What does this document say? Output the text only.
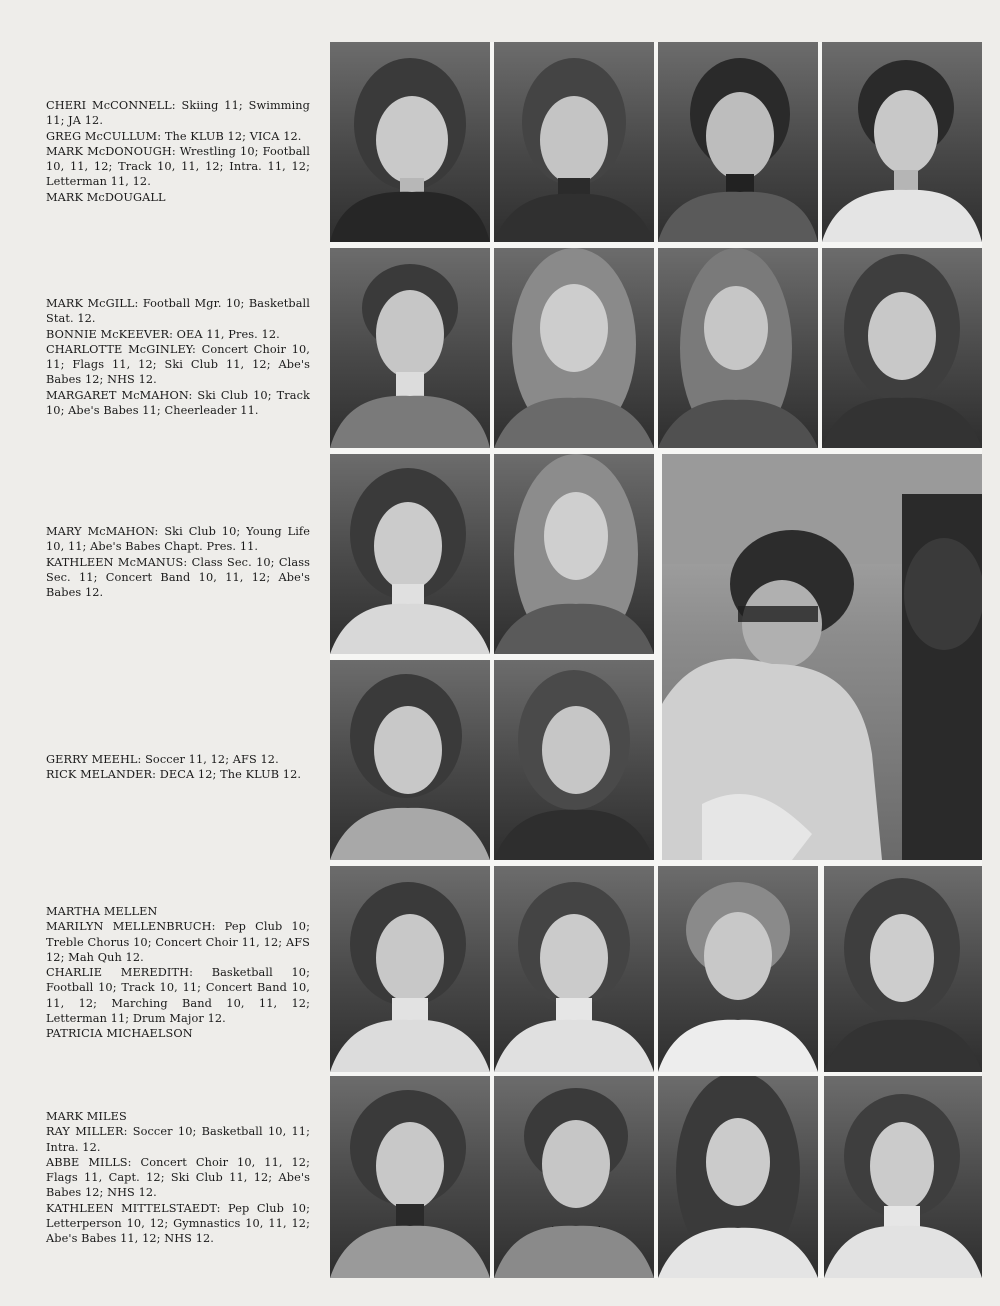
CHERI McCONNELL: Skiing 11; Swimming 11; JA 12.

GREG McCULLUM: The KLUB 12; VICA 12.

MARK McDONOUGH: Wrestling 10; Football 10, 11, 12; Track 10, 11, 12; Intra. 11, 12; Letterman 11, 12.

MARK McDOUGALL

MARK McGILL: Football Mgr. 10; Basketball Stat. 12.

BONNIE McKEEVER: OEA 11, Pres. 12.

CHARLOTTE McGINLEY: Concert Choir 10, 11; Flags 11, 12; Ski Club 11, 12; Abe's Babes 12; NHS 12.

MARGARET McMAHON: Ski Club 10; Track 10; Abe's Babes 11; Cheerleader 11.

MARY McMAHON: Ski Club 10; Young Life 10, 11; Abe's Babes Chapt. Pres. 11.

KATHLEEN McMANUS: Class Sec. 10; Class Sec. 11; Concert Band 10, 11, 12; Abe's Babes 12.

GERRY MEEHL: Soccer 11, 12; AFS 12.

RICK MELANDER: DECA 12; The KLUB 12.

MARTHA MELLEN

MARILYN MELLENBRUCH: Pep Club 10; Treble Chorus 10; Concert Choir 11, 12; AFS 12; Mah Quh 12.

CHARLIE MEREDITH: Basketball 10; Football 10; Track 10, 11; Concert Band 10, 11, 12; Marching Band 10, 11, 12; Letterman 11; Drum Major 12.

PATRICIA MICHAELSON

MARK MILES

RAY MILLER: Soccer 10; Basketball 10, 11; Intra. 12.

ABBE MILLS: Concert Choir 10, 11, 12; Flags 11, Capt. 12; Ski Club 11, 12; Abe's Babes 12; NHS 12.

KATHLEEN MITTELSTAEDT: Pep Club 10; Letterperson 10, 12; Gymnastics 10, 11, 12; Abe's Babes 11, 12; NHS 12.
